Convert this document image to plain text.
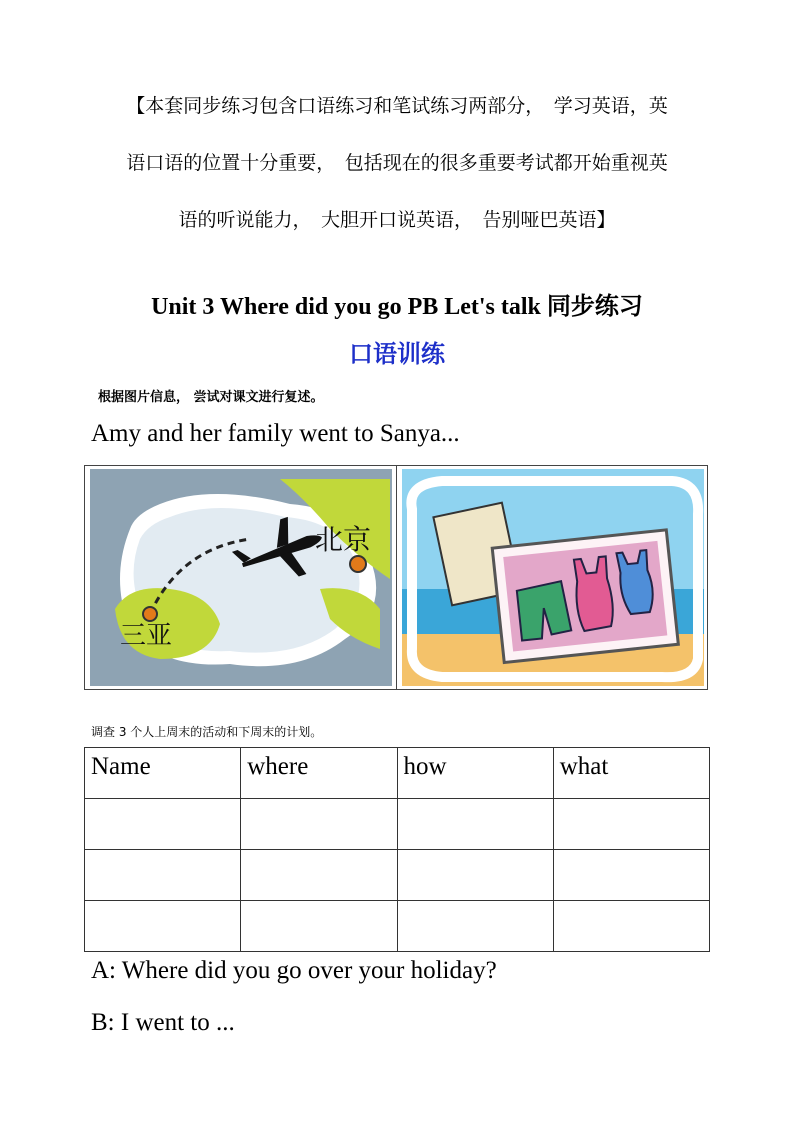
【本套同步练习包含口语练习和笔试练习两部分，　学习英语，英

语口语的位置十分重要，　包括现在的很多重要考试都开始重视英

语的听说能力，　大胆开口说英语，　告别哑巴英语】

Unit 3 Where did you go PB Let's talk 同步练习
口语训练
根据图片信息， 尝试对课文进行复述。
Amy and her family went to Sanya...
北京
三亚
调查 3 个人上周末的活动和下周末的计划。
Name	where	how	what

A: Where did you go over your holiday?
B: I went to ...
